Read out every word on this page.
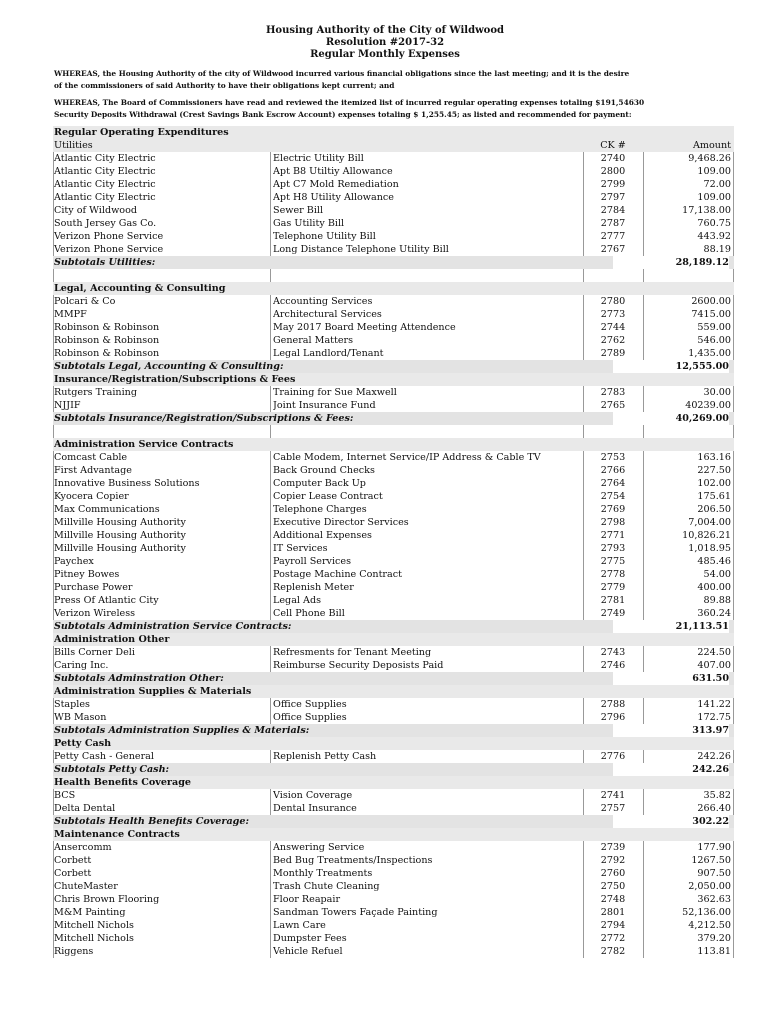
Housing Authority of the City of Wildwood
Resolution #2017-32
Regular Monthly Expenses
WHEREAS, the Housing Authority of the city of Wildwood incurred various financial obligations since the last meeting; and it is the desire
of the commissioners of said Authority to have their obligations kept current; and
WHEREAS, The Board of Commissioners have read and reviewed the itemized list of incurred regular operating expenses totaling $191,54630
Security Deposits Withdrawal (Crest Savings Bank Escrow Account) expenses totaling $ 1,255.45; as listed and recommended for payment:
Regular Operating Expenditures
Utilities	CK #	Amount
Atlantic City Electric	Electric Utility Bill	2740	9,468.26
Atlantic City Electric	Apt B8 Utiltiy Allowance	2800	109.00
Atlantic City Electric	Apt C7 Mold Remediation	2799	72.00
Atlantic City Electric	Apt H8 Utility Allowance	2797	109.00
City of Wildwood	Sewer Bill	2784	17,138.00
South Jersey Gas Co.	Gas Utility Bill	2787	760.75
Verizon Phone Service	Telephone Utility Bill	2777	443.92
Verizon Phone Service	Long Distance Telephone Utility Bill	2767	88.19
Subtotals Utilities:	28,189.12
Legal, Accounting & Consulting
Polcari & Co	Accounting Services	2780	2600.00
MMPF	Architectural Services	2773	7415.00
Robinson & Robinson	May 2017 Board Meeting Attendence	2744	559.00
Robinson & Robinson	General Matters	2762	546.00
Robinson & Robinson	Legal Landlord/Tenant	2789	1,435.00
Subtotals Legal, Accounting & Consulting:	12,555.00
Insurance/Registration/Subscriptions & Fees
Rutgers Training	Training for Sue Maxwell	2783	30.00
NJJIF	Joint Insurance Fund	2765	40239.00
Subtotals Insurance/Registration/Subscriptions & Fees:	40,269.00
Administration Service Contracts
Comcast Cable	Cable Modem, Internet Service/IP Address & Cable TV	2753	163.16
First Advantage	Back Ground Checks	2766	227.50
Innovative Business Solutions	Computer Back Up	2764	102.00
Kyocera Copier	Copier Lease Contract	2754	175.61
Max Communications	Telephone Charges	2769	206.50
Millville Housing Authority	Executive Director Services	2798	7,004.00
Millville Housing Authority	Additional Expenses	2771	10,826.21
Millville Housing Authority	IT Services	2793	1,018.95
Paychex	Payroll Services	2775	485.46
Pitney Bowes	Postage Machine Contract	2778	54.00
Purchase Power	Replenish Meter	2779	400.00
Press Of Atlantic City	Legal Ads	2781	89.88
Verizon Wireless	Cell Phone Bill	2749	360.24
Subtotals Administration Service Contracts:	21,113.51
Administration Other
Bills Corner Deli	Refresments for Tenant Meeting	2743	224.50
Caring Inc.	Reimburse Security Deposists Paid	2746	407.00
Subtotals Adminstration Other:	631.50
Administration Supplies & Materials
Staples	Office Supplies	2788	141.22
WB Mason	Office Supplies	2796	172.75
Subtotals Administration Supplies & Materials:	313.97
Petty Cash
Petty Cash - General	Replenish Petty Cash	2776	242.26
Subtotals Petty Cash:	242.26
Health Benefits Coverage
BCS	Vision Coverage	2741	35.82
Delta Dental	Dental Insurance	2757	266.40
Subtotals Health Benefits Coverage:	302.22
Maintenance Contracts
Ansercomm	Answering Service	2739	177.90
Corbett	Bed Bug Treatments/Inspections	2792	1267.50
Corbett	Monthly Treatments	2760	907.50
ChuteMaster	Trash Chute Cleaning	2750	2,050.00
Chris Brown Flooring	Floor Reapair	2748	362.63
M&M Painting	Sandman Towers Façade Painting	2801	52,136.00
Mitchell Nichols	Lawn Care	2794	4,212.50
Mitchell Nichols	Dumpster Fees	2772	379.20
Riggens	Vehicle Refuel	2782	113.81
